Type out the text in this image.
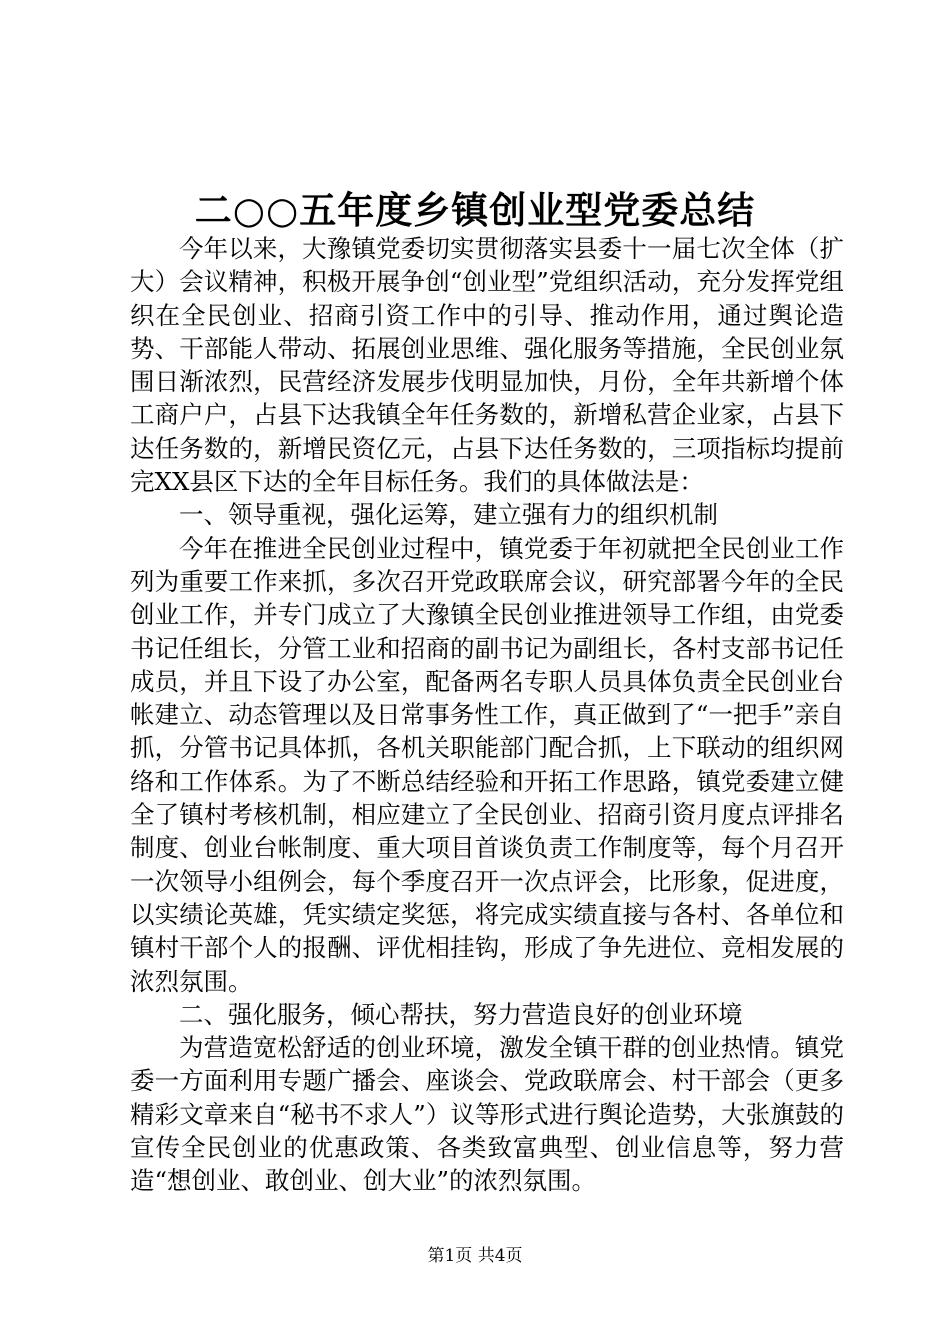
二○○五年度乡镇创业型党委总结

今年以来，大豫镇党委切实贯彻落实县委十一届七次全体（扩大）会议精神，积极开展争创“创业型”党组织活动，充分发挥党组织在全民创业、招商引资工作中的引导、推动作用，通过舆论造势、干部能人带动、拓展创业思维、强化服务等措施，全民创业氛围日渐浓烈，民营经济发展步伐明显加快，月份，全年共新增个体工商户户，占县下达我镇全年任务数的，新增私营企业家，占县下达任务数的，新增民资亿元，占县下达任务数的，三项指标均提前完XX县区下达的全年目标任务。我们的具体做法是：

一、领导重视，强化运筹，建立强有力的组织机制

今年在推进全民创业过程中，镇党委于年初就把全民创业工作列为重要工作来抓，多次召开党政联席会议，研究部署今年的全民创业工作，并专门成立了大豫镇全民创业推进领导工作组，由党委书记任组长，分管工业和招商的副书记为副组长，各村支部书记任成员，并且下设了办公室，配备两名专职人员具体负责全民创业台帐建立、动态管理以及日常事务性工作，真正做到了“一把手”亲自抓，分管书记具体抓，各机关职能部门配合抓，上下联动的组织网络和工作体系。为了不断总结经验和开拓工作思路，镇党委建立健全了镇村考核机制，相应建立了全民创业、招商引资月度点评排名制度、创业台帐制度、重大项目首谈负责工作制度等，每个月召开一次领导小组例会，每个季度召开一次点评会，比形象，促进度，以实绩论英雄，凭实绩定奖惩，将完成实绩直接与各村、各单位和镇村干部个人的报酬、评优相挂钩，形成了争先进位、竞相发展的浓烈氛围。

二、强化服务，倾心帮扶，努力营造良好的创业环境

为营造宽松舒适的创业环境，激发全镇干群的创业热情。镇党委一方面利用专题广播会、座谈会、党政联席会、村干部会（更多精彩文章来自“秘书不求人”）议等形式进行舆论造势，大张旗鼓的宣传全民创业的优惠政策、各类致富典型、创业信息等，努力营造“想创业、敢创业、创大业”的浓烈氛围。

第1页 共4页
